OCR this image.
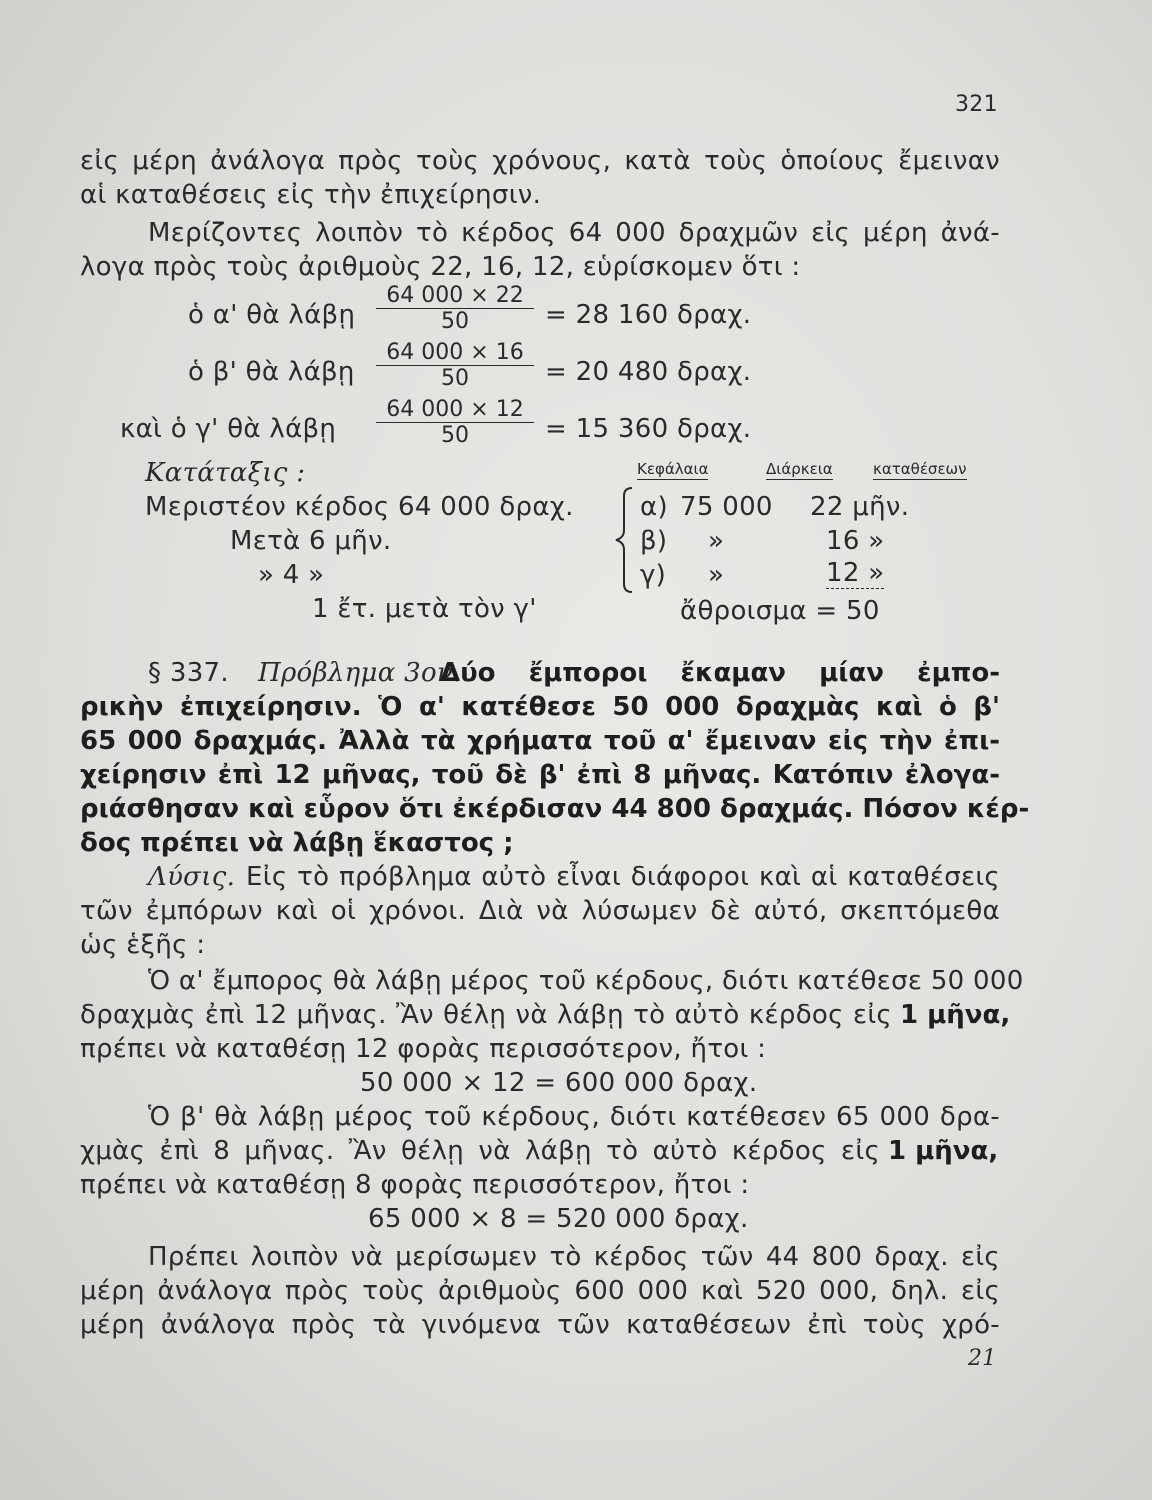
321
εἰς μέρη ἀνάλογα πρὸς τοὺς χρόνους, κατὰ τοὺς ὁποίους ἔμειναν
αἱ καταθέσεις εἰς τὴν ἐπιχείρησιν.
Μερίζοντες λοιπὸν τὸ κέρδος 64 000 δραχμῶν εἰς μέρη ἀνά-
λογα πρὸς τοὺς ἀριθμοὺς 22, 16, 12, εὑρίσκομεν ὅτι :
ὁ α' θὰ λάβῃ
64 000 × 22
50	= 28 160 δραχ.
ὁ β' θὰ λάβῃ
64 000 × 16
50	= 20 480 δραχ.
καὶ ὁ γ' θὰ λάβῃ
64 000 × 12
50	= 15 360 δραχ.
Κατάταξις :
Μεριστέον κέρδος 64 000 δραχ.
Μετὰ 6 μῆν.
» 4 »
1 ἔτ. μετὰ τὸν γ'
Κεφάλαια	Διάρκεια	καταθέσεων
α) 75 000 22 μῆν.
β) »	16 »
γ) »	12 »
ἄθροισμα = 50
§ 337. Πρόβλημα 3ον.
Δύο ἔμποροι ἔκαμαν μίαν ἐμπο-
ρικὴν ἐπιχείρησιν. Ὁ α' κατέθεσε 50 000 δραχμὰς καὶ ὁ β'
65 000 δραχμάς. Ἀλλὰ τὰ χρήματα τοῦ α' ἔμειναν εἰς τὴν ἐπι-
χείρησιν ἐπὶ 12 μῆνας, τοῦ δὲ β' ἐπὶ 8 μῆνας. Κατόπιν ἐλογα-
ριάσθησαν καὶ εὗρον ὅτι ἐκέρδισαν 44 800 δραχμάς. Πόσον κέρ-
δος πρέπει νὰ λάβῃ ἕκαστος ;
Λύσις. Εἰς τὸ πρόβλημα αὐτὸ εἶναι διάφοροι καὶ αἱ καταθέσεις
τῶν ἐμπόρων καὶ οἱ χρόνοι. Διὰ νὰ λύσωμεν δὲ αὐτό, σκεπτόμεθα
ὡς ἑξῆς :
Ὁ α' ἔμπορος θὰ λάβῃ μέρος τοῦ κέρδους, διότι κατέθεσε 50 000
δραχμὰς ἐπὶ 12 μῆνας. Ἂν θέλῃ νὰ λάβῃ τὸ αὐτὸ κέρδος εἰς 1 μῆνα,
πρέπει νὰ καταθέσῃ 12 φορὰς περισσότερον, ἤτοι :
50 000 × 12 = 600 000 δραχ.
Ὁ β' θὰ λάβῃ μέρος τοῦ κέρδους, διότι κατέθεσεν 65 000 δρα-
χμὰς ἐπὶ 8 μῆνας. Ἂν θέλῃ νὰ λάβῃ τὸ αὐτὸ κέρδος εἰς 1 μῆνα,
πρέπει νὰ καταθέσῃ 8 φορὰς περισσότερον, ἤτοι :
65 000 × 8 = 520 000 δραχ.
Πρέπει λοιπὸν νὰ μερίσωμεν τὸ κέρδος τῶν 44 800 δραχ. εἰς
μέρη ἀνάλογα πρὸς τοὺς ἀριθμοὺς 600 000 καὶ 520 000, δηλ. εἰς
μέρη ἀνάλογα πρὸς τὰ γινόμενα τῶν καταθέσεων ἐπὶ τοὺς χρό-
21
